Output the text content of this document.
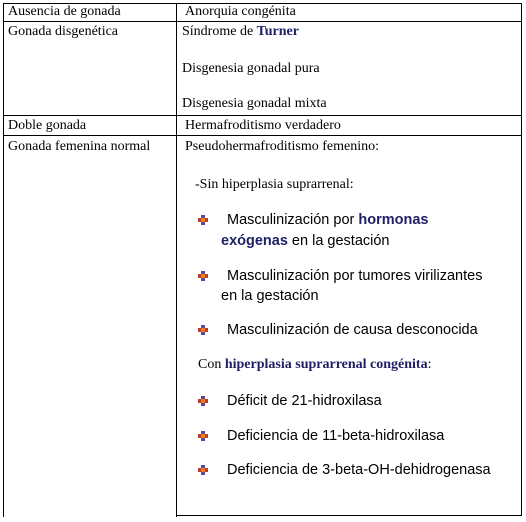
Ausencia de gonada
Gonada disgenética
Doble gonada
Gonada femenina normal
Anorquia congénita
Síndrome de Turner
Disgenesia gonadal pura
Disgenesia gonadal mixta
Hermafroditismo verdadero
Pseudohermafroditismo femenino:
-Sin hiperplasia suprarrenal:
Masculinización por hormonas
exógenas en la gestación
Masculinización por tumores virilizantes
en la gestación
Masculinización de causa desconocida
Con hiperplasia suprarrenal congénita:
Déficit de 21-hidroxilasa
Deficiencia de 11-beta-hidroxilasa
Deficiencia de 3-beta-OH-dehidrogenasa
